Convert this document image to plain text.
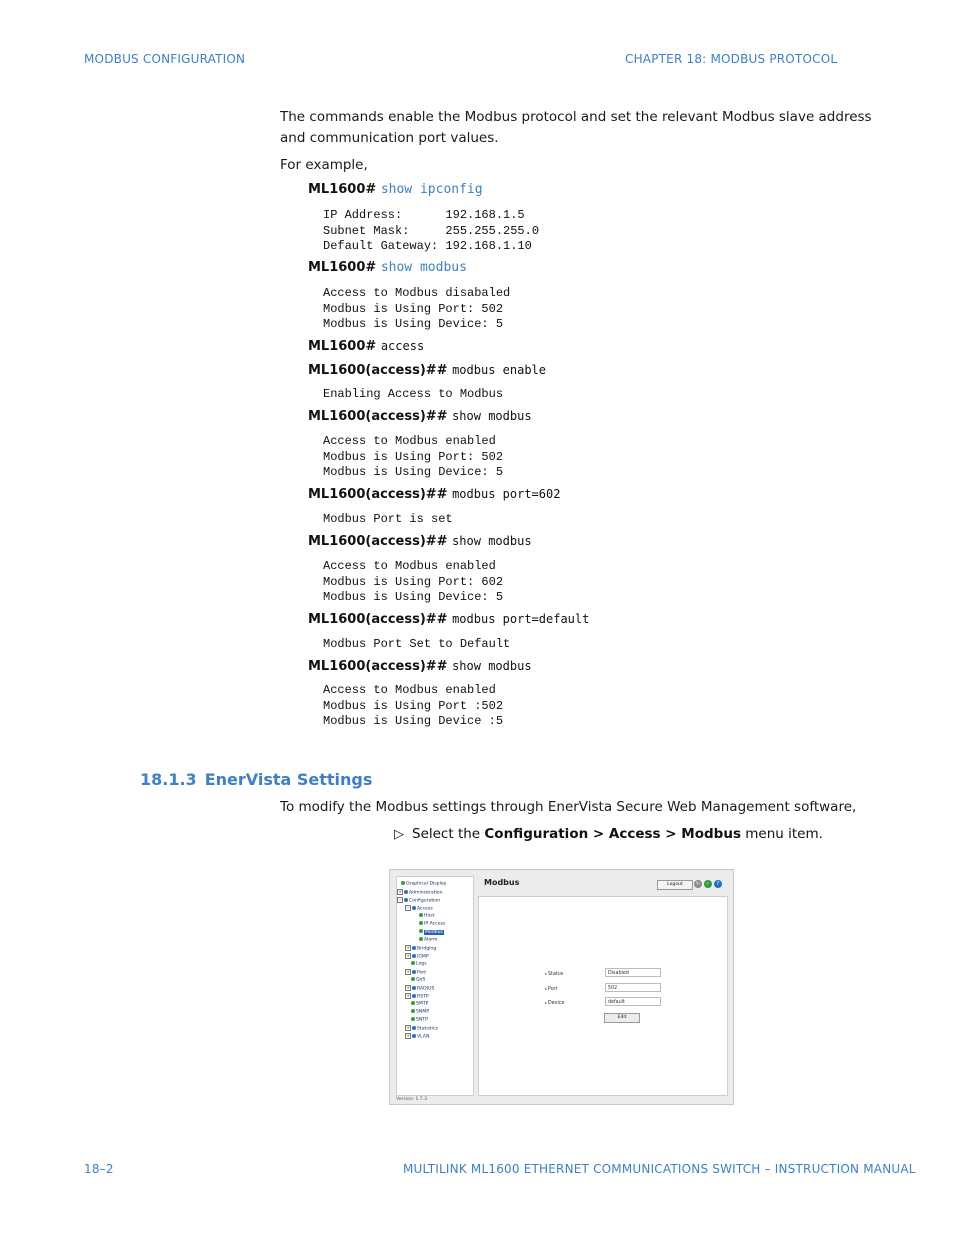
MODBUS CONFIGURATION	CHAPTER 18: MODBUS PROTOCOL
The commands enable the Modbus protocol and set the relevant Modbus slave address
and communication port values.
For example,
ML1600# show ipconfig
IP Address:      192.168.1.5
Subnet Mask:     255.255.255.0
Default Gateway: 192.168.1.10
ML1600# show modbus
Access to Modbus disabaled
Modbus is Using Port: 502
Modbus is Using Device: 5
ML1600# access
ML1600(access)## modbus enable
Enabling Access to Modbus
ML1600(access)## show modbus
Access to Modbus enabled
Modbus is Using Port: 502
Modbus is Using Device: 5
ML1600(access)## modbus port=602
Modbus Port is set
ML1600(access)## show modbus
Access to Modbus enabled
Modbus is Using Port: 602
Modbus is Using Device: 5
ML1600(access)## modbus port=default
Modbus Port Set to Default
ML1600(access)## show modbus
Access to Modbus enabled
Modbus is Using Port :502
Modbus is Using Device :5
18.1.3 EnerVista Settings
To modify the Modbus settings through EnerVista Secure Web Management software,
▷ Select the Configuration > Access > Modbus menu item.
Graphical Display
+ Administration
− Configuration
− Access
Host
IP Access
Modbus
Alarm
+ Bridging
+ IGMP
Logs
+ Port
QoS
+ RADIUS
+ RSTP
SMTP
SNMP
SNTP
+ Statistics
+ VLAN
Version: 1.7.3
Modbus	Logout	↻	✓	?
▸Status	Disabled
▸Port	502
▸Device	default
Edit
18–2	MULTILINK ML1600 ETHERNET COMMUNICATIONS SWITCH – INSTRUCTION MANUAL
